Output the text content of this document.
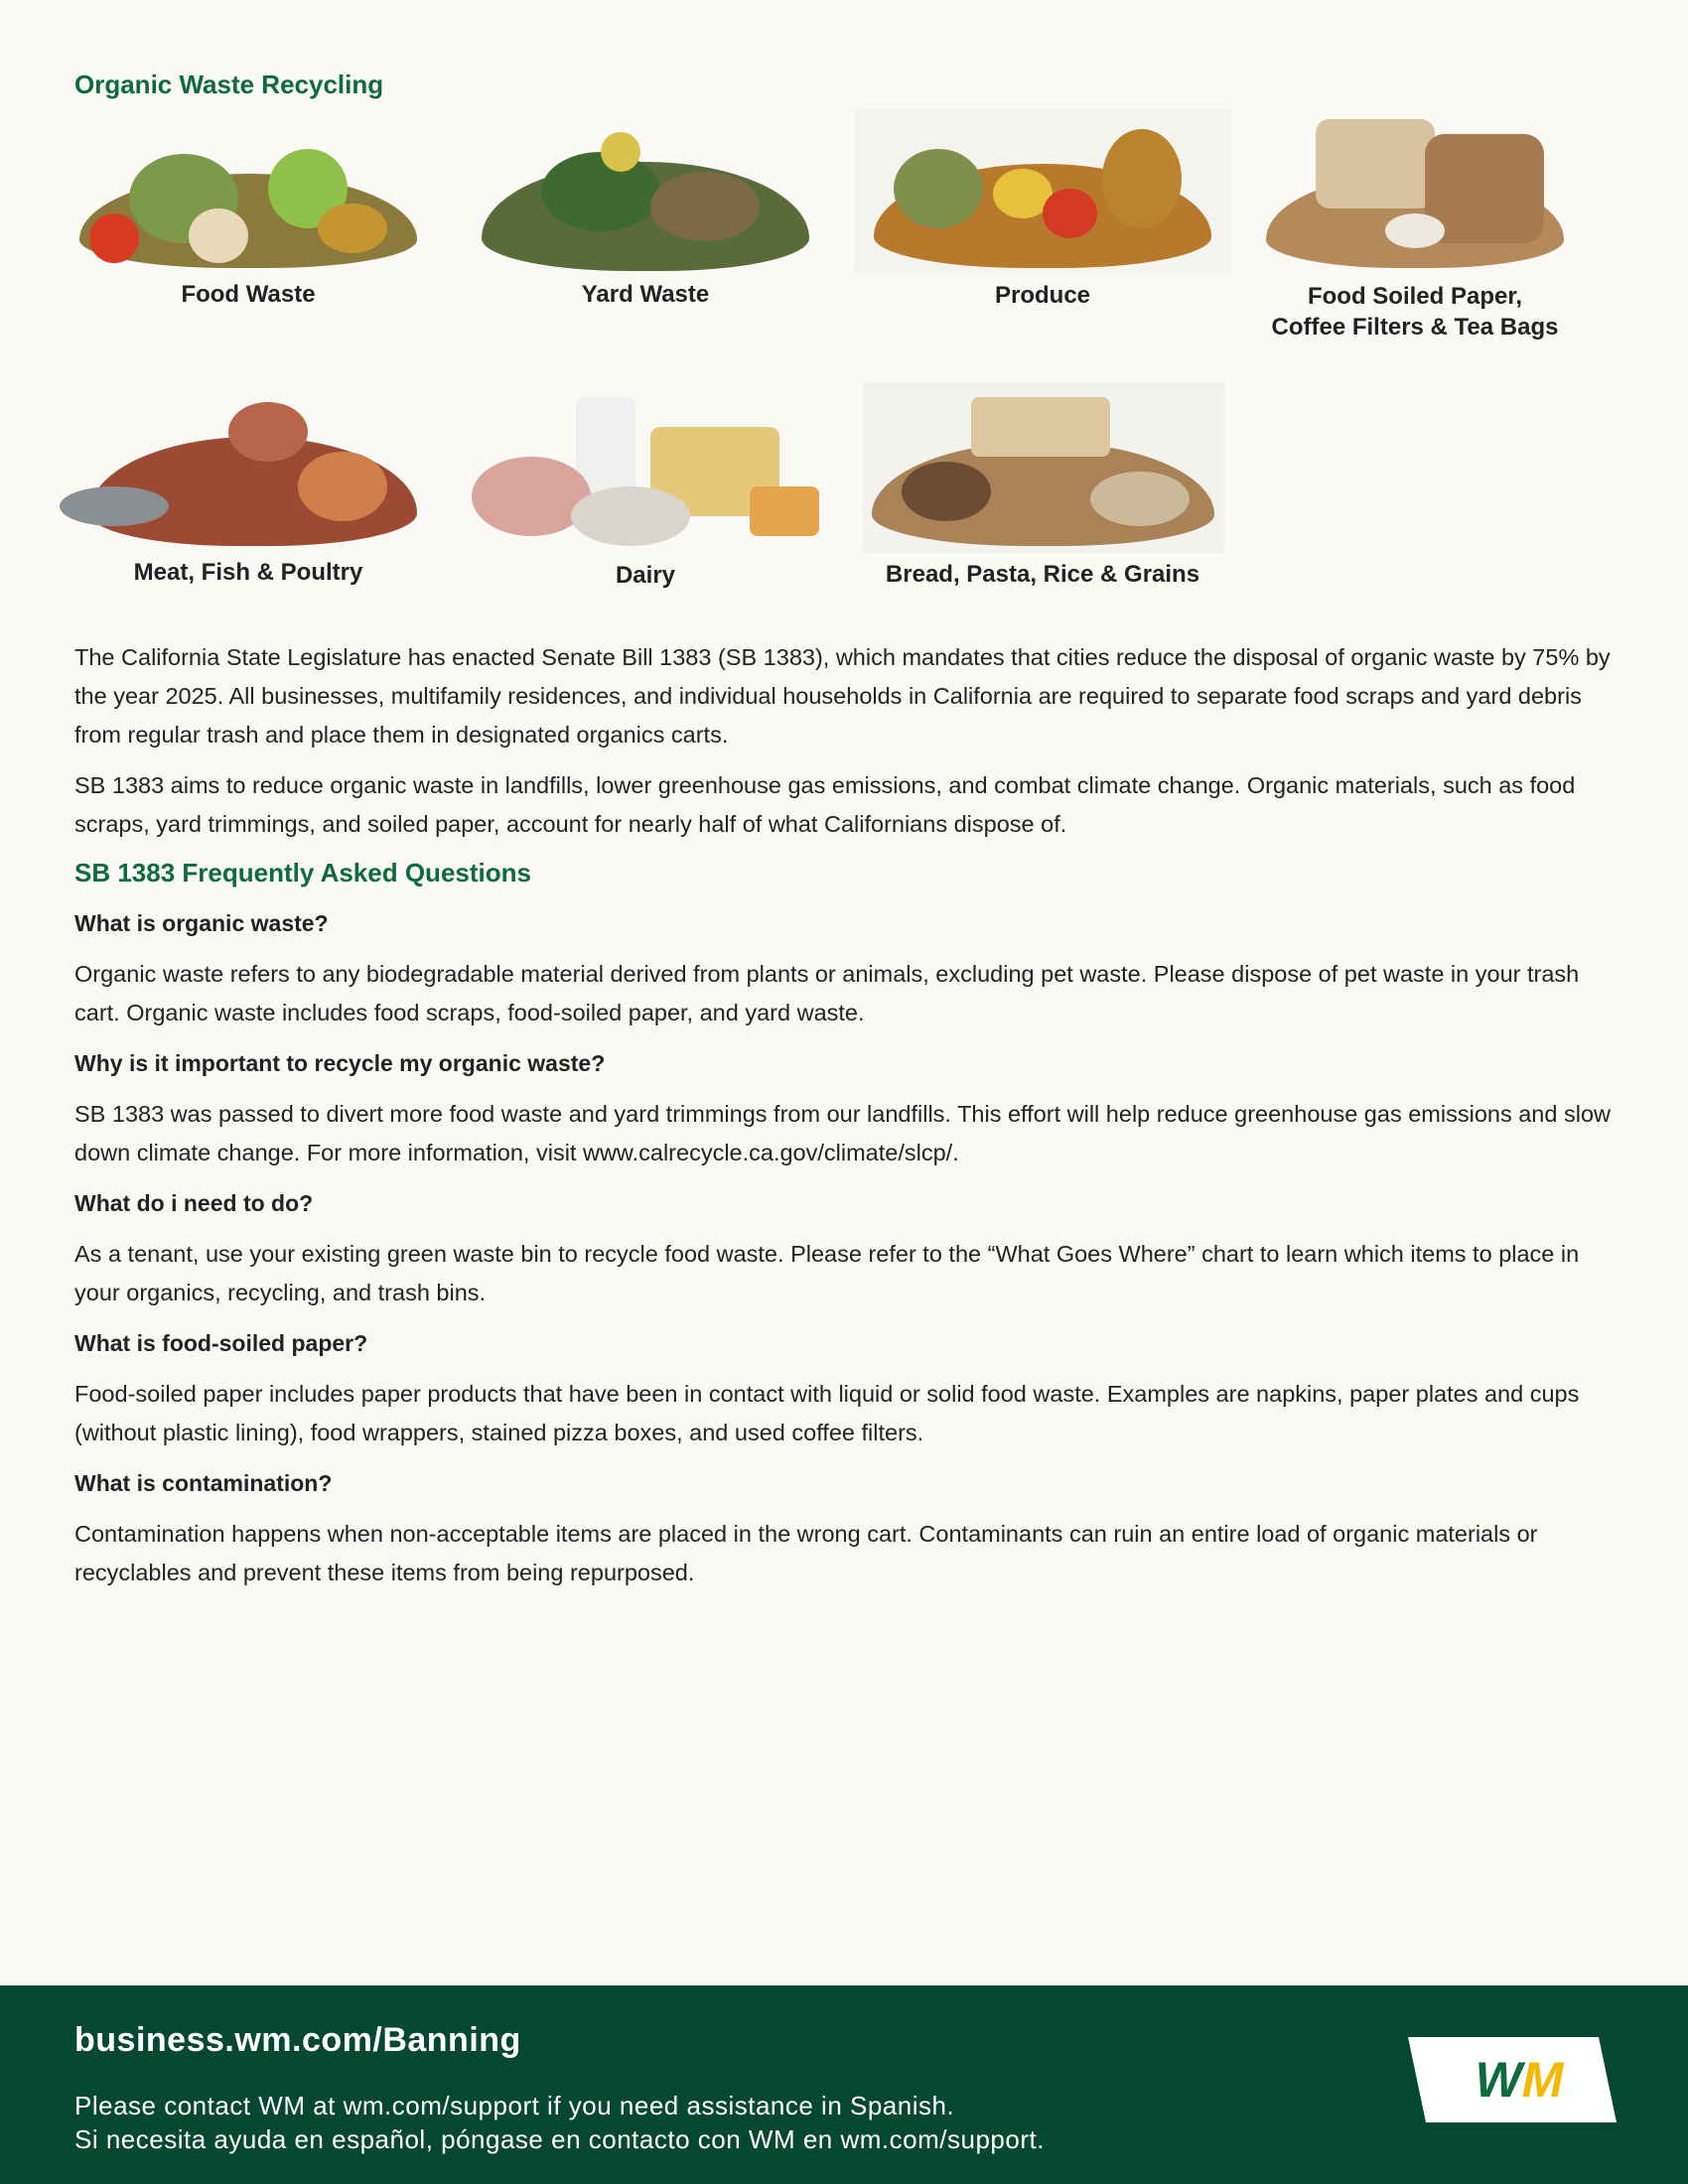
Organic Waste Recycling
Food Waste	Yard Waste	Produce	Food Soiled Paper,
Coffee Filters & Tea Bags
Meat, Fish & Poultry	Dairy	Bread, Pasta, Rice & Grains

The California State Legislature has enacted Senate Bill 1383 (SB 1383), which mandates that cities reduce the disposal of organic waste by 75% by the year 2025. All businesses, multifamily residences, and individual households in California are required to separate food scraps and yard debris from regular trash and place them in designated organics carts.

SB 1383 aims to reduce organic waste in landfills, lower greenhouse gas emissions, and combat climate change. Organic materials, such as food scraps, yard trimmings, and soiled paper, account for nearly half of what Californians dispose of.

SB 1383 Frequently Asked Questions
What is organic waste?

Organic waste refers to any biodegradable material derived from plants or animals, excluding pet waste. Please dispose of pet waste in your trash cart. Organic waste includes food scraps, food-soiled paper, and yard waste.

Why is it important to recycle my organic waste?

SB 1383 was passed to divert more food waste and yard trimmings from our landfills. This effort will help reduce greenhouse gas emissions and slow down climate change. For more information, visit www.calrecycle.ca.gov/climate/slcp/.

What do i need to do?

As a tenant, use your existing green waste bin to recycle food waste. Please refer to the “What Goes Where” chart to learn which items to place in your organics, recycling, and trash bins.

What is food-soiled paper?

Food-soiled paper includes paper products that have been in contact with liquid or solid food waste. Examples are napkins, paper plates and cups (without plastic lining), food wrappers, stained pizza boxes, and used coffee filters.

What is contamination?

Contamination happens when non-acceptable items are placed in the wrong cart. Contaminants can ruin an entire load of organic materials or recyclables and prevent these items from being repurposed.

business.wm.com/Banning
Please contact WM at wm.com/support if you need assistance in Spanish.
Si necesita ayuda en español, póngase en contacto con WM en wm.com/support.
WM
